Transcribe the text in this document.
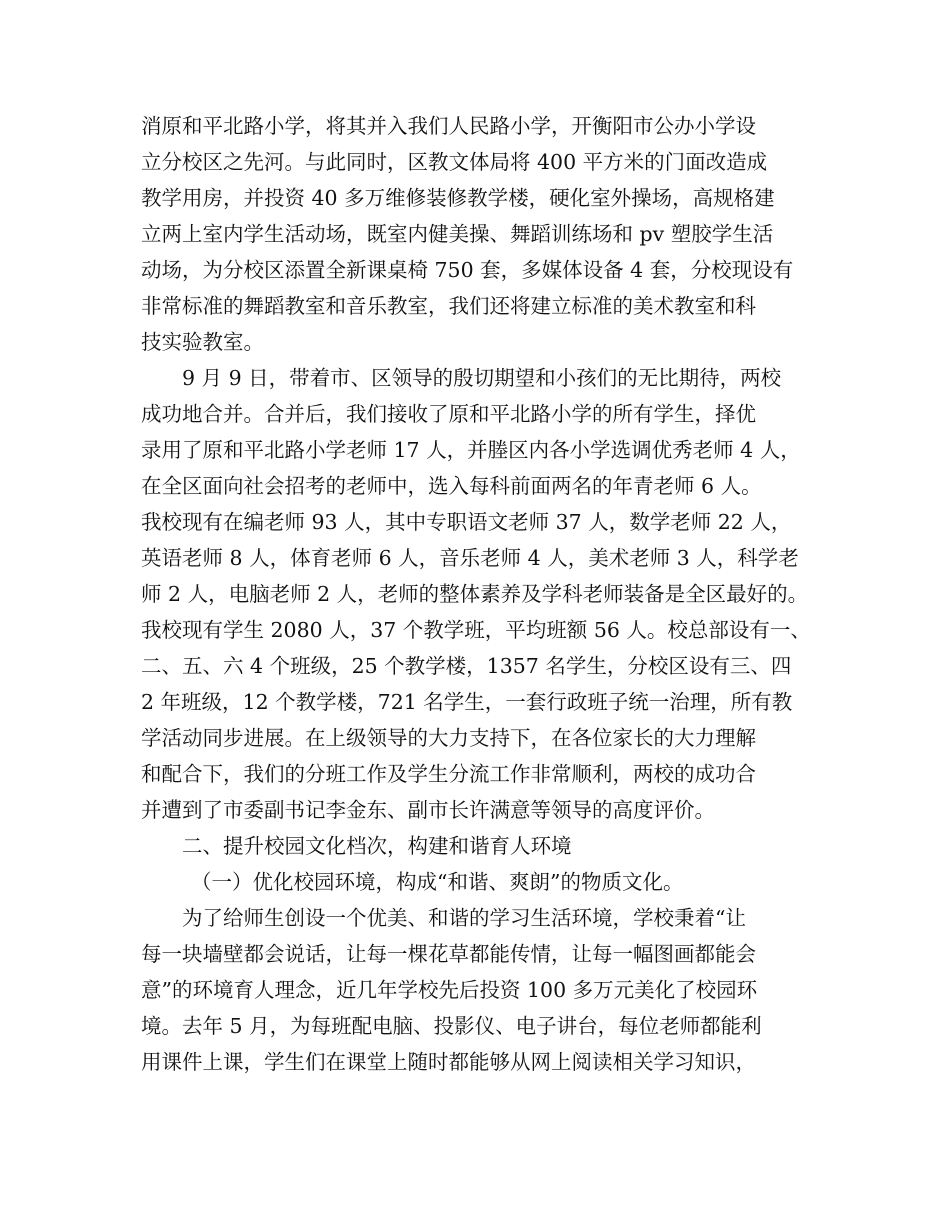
消原和平北路小学，将其并入我们人民路小学，开衡阳市公办小学设
立分校区之先河。与此同时，区教文体局将 400 平方米的门面改造成
教学用房，并投资 40 多万维修装修教学楼，硬化室外操场，高规格建
立两上室内学生活动场，既室内健美操、舞蹈训练场和 pv 塑胶学生活
动场，为分校区添置全新课桌椅 750 套，多媒体设备 4 套，分校现设有
非常标准的舞蹈教室和音乐教室，我们还将建立标准的美术教室和科
技实验教室。
9 月 9 日，带着市、区领导的殷切期望和小孩们的无比期待，两校
成功地合并。合并后，我们接收了原和平北路小学的所有学生，择优
录用了原和平北路小学老师 17 人，并塍区内各小学选调优秀老师 4 人，
在全区面向社会招考的老师中，选入每科前面两名的年青老师 6 人。
我校现有在编老师 93 人，其中专职语文老师 37 人，数学老师 22 人，
英语老师 8 人，体育老师 6 人，音乐老师 4 人，美术老师 3 人，科学老
师 2 人，电脑老师 2 人，老师的整体素养及学科老师装备是全区最好的。
我校现有学生 2080 人，37 个教学班，平均班额 56 人。校总部设有一、
二、五、六 4 个班级，25 个教学楼，1357 名学生，分校区设有三、四
2 年班级，12 个教学楼，721 名学生，一套行政班子统一治理，所有教
学活动同步进展。在上级领导的大力支持下，在各位家长的大力理解
和配合下，我们的分班工作及学生分流工作非常顺利，两校的成功合
并遭到了市委副书记李金东、副市长许满意等领导的高度评价。
二、提升校园文化档次，构建和谐育人环境
（一）优化校园环境，构成“和谐、爽朗”的物质文化。
为了给师生创设一个优美、和谐的学习生活环境，学校秉着“让
每一块墙壁都会说话，让每一棵花草都能传情，让每一幅图画都能会
意”的环境育人理念，近几年学校先后投资 100 多万元美化了校园环
境。去年 5 月，为每班配电脑、投影仪、电子讲台，每位老师都能利
用课件上课，学生们在课堂上随时都能够从网上阅读相关学习知识，
